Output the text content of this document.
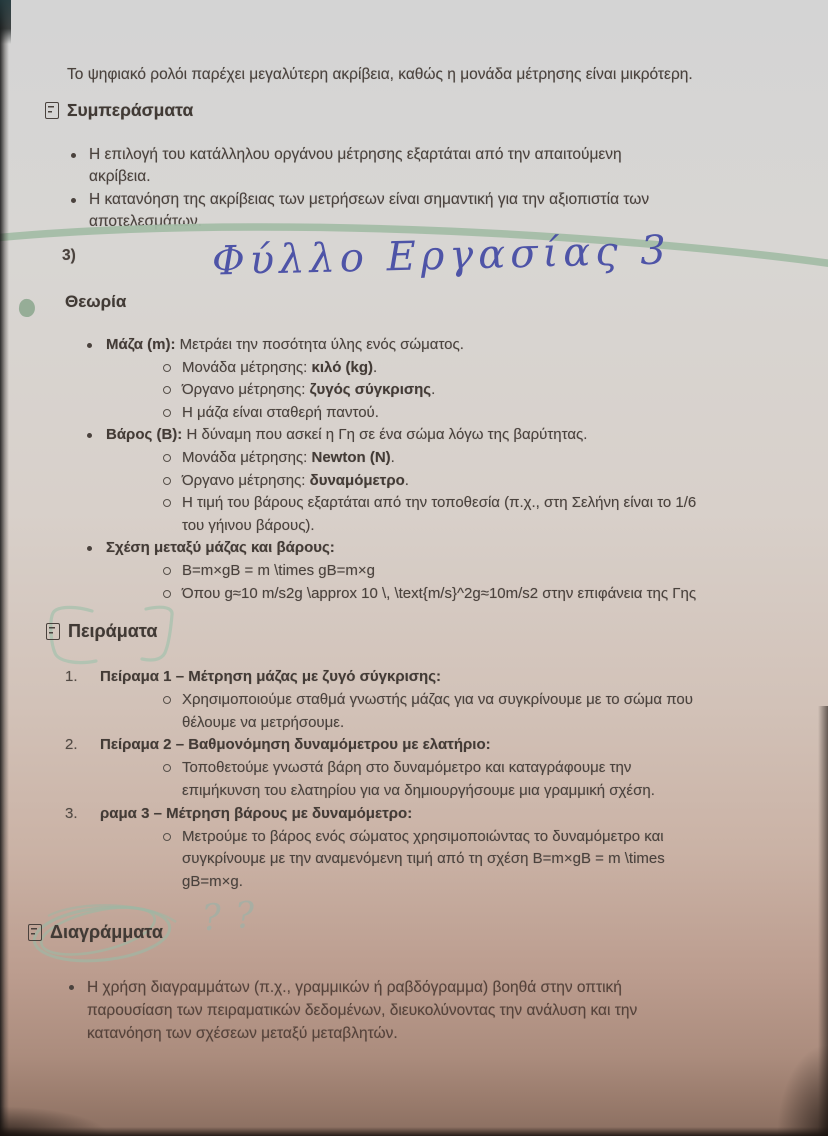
Το ψηφιακό ρολόι παρέχει μεγαλύτερη ακρίβεια, καθώς η μονάδα μέτρησης είναι μικρότερη.
Συμπεράσματα
Η επιλογή του κατάλληλου οργάνου μέτρησης εξαρτάται από την απαιτούμενη
ακρίβεια.
Η κατανόηση της ακρίβειας των μετρήσεων είναι σημαντική για την αξιοπιστία των
αποτελεσμάτων.
3)	Φύλλο Εργασίας 3
Θεωρία
Μάζα (m): Μετράει την ποσότητα ύλης ενός σώματος.
Μονάδα μέτρησης: κιλό (kg).
Όργανο μέτρησης: ζυγός σύγκρισης.
Η μάζα είναι σταθερή παντού.
Βάρος (Β): Η δύναμη που ασκεί η Γη σε ένα σώμα λόγω της βαρύτητας.
Μονάδα μέτρησης: Newton (N).
Όργανο μέτρησης: δυναμόμετρο.
Η τιμή του βάρους εξαρτάται από την τοποθεσία (π.χ., στη Σελήνη είναι το 1/6
του γήινου βάρους).
Σχέση μεταξύ μάζας και βάρους:
B=m×gB = m \times gB=m×g
Όπου g≈10 m/s2g \approx 10 \, \text{m/s}^2g≈10m/s2 στην επιφάνεια της Γης
Πειράματα
1. Πείραμα 1 – Μέτρηση μάζας με ζυγό σύγκρισης:
Χρησιμοποιούμε σταθμά γνωστής μάζας για να συγκρίνουμε με το σώμα που
θέλουμε να μετρήσουμε.
2. Πείραμα 2 – Βαθμονόμηση δυναμόμετρου με ελατήριο:
Τοποθετούμε γνωστά βάρη στο δυναμόμετρο και καταγράφουμε την
επιμήκυνση του ελατηρίου για να δημιουργήσουμε μια γραμμική σχέση.
3. ραμα 3 – Μέτρηση βάρους με δυναμόμετρο:
Μετρούμε το βάρος ενός σώματος χρησιμοποιώντας το δυναμόμετρο και
συγκρίνουμε με την αναμενόμενη τιμή από τη σχέση B=m×gB = m \times
gB=m×g.
??
Διαγράμματα
Η χρήση διαγραμμάτων (π.χ., γραμμικών ή ραβδόγραμμα) βοηθά στην οπτική
παρουσίαση των πειραματικών δεδομένων, διευκολύνοντας την ανάλυση και την
κατανόηση των σχέσεων μεταξύ μεταβλητών.
